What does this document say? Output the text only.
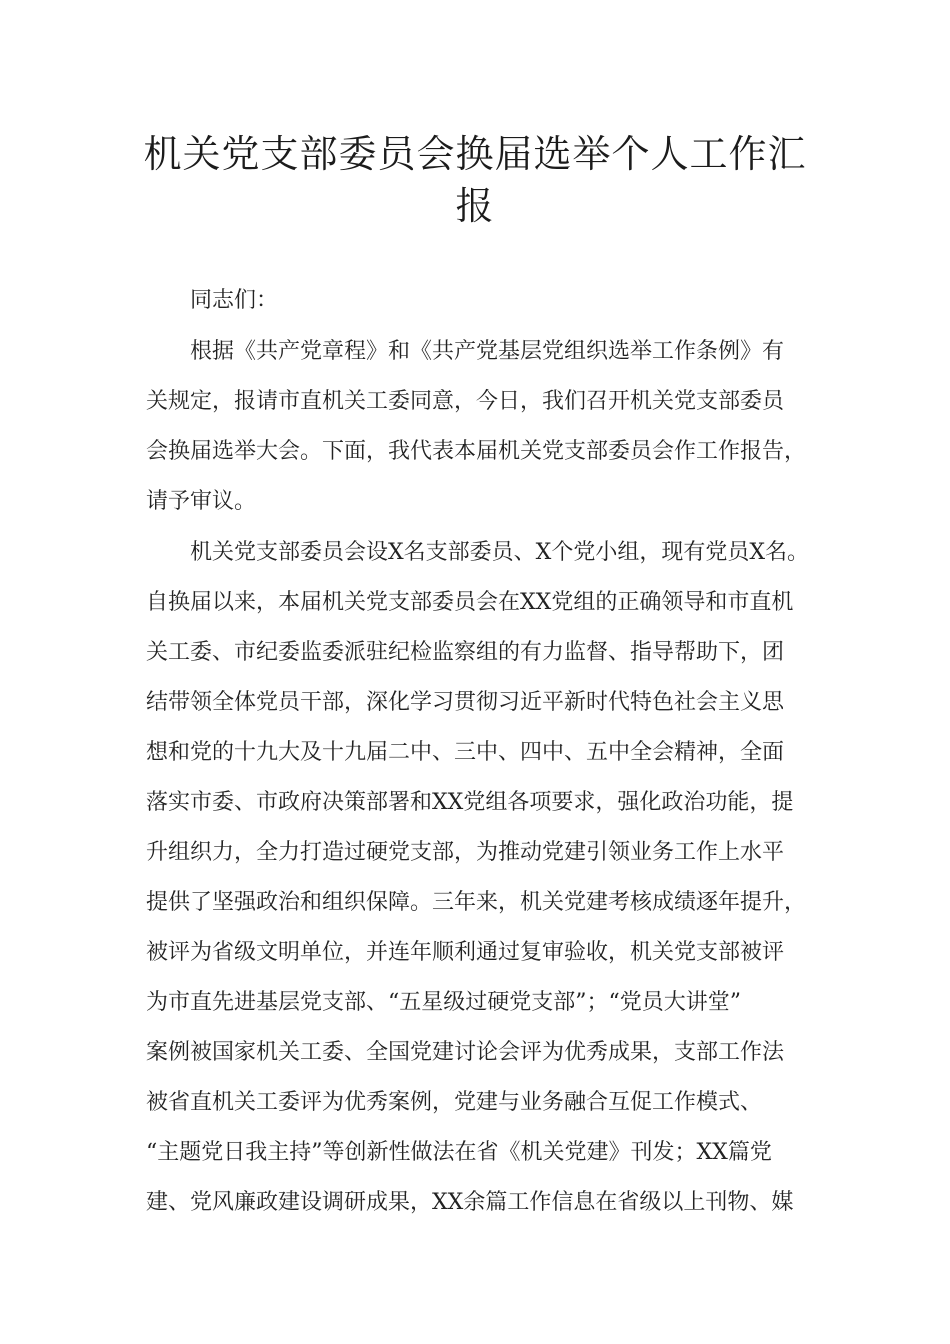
机关党支部委员会换届选举个人工作汇
报
同志们：
根据《共产党章程》和《共产党基层党组织选举工作条例》有
关规定，报请市直机关工委同意，今日，我们召开机关党支部委员
会换届选举大会。下面，我代表本届机关党支部委员会作工作报告，
请予审议。
机关党支部委员会设X名支部委员、X个党小组，现有党员X名。
自换届以来，本届机关党支部委员会在XX党组的正确领导和市直机
关工委、市纪委监委派驻纪检监察组的有力监督、指导帮助下，团
结带领全体党员干部，深化学习贯彻习近平新时代特色社会主义思
想和党的十九大及十九届二中、三中、四中、五中全会精神，全面
落实市委、市政府决策部署和XX党组各项要求，强化政治功能，提
升组织力，全力打造过硬党支部，为推动党建引领业务工作上水平
提供了坚强政治和组织保障。三年来，机关党建考核成绩逐年提升，
被评为省级文明单位，并连年顺利通过复审验收，机关党支部被评
为市直先进基层党支部、“五星级过硬党支部”；“党员大讲堂”
案例被国家机关工委、全国党建讨论会评为优秀成果，支部工作法
被省直机关工委评为优秀案例，党建与业务融合互促工作模式、
“主题党日我主持”等创新性做法在省《机关党建》刊发；XX篇党
建、党风廉政建设调研成果，XX余篇工作信息在省级以上刊物、媒
